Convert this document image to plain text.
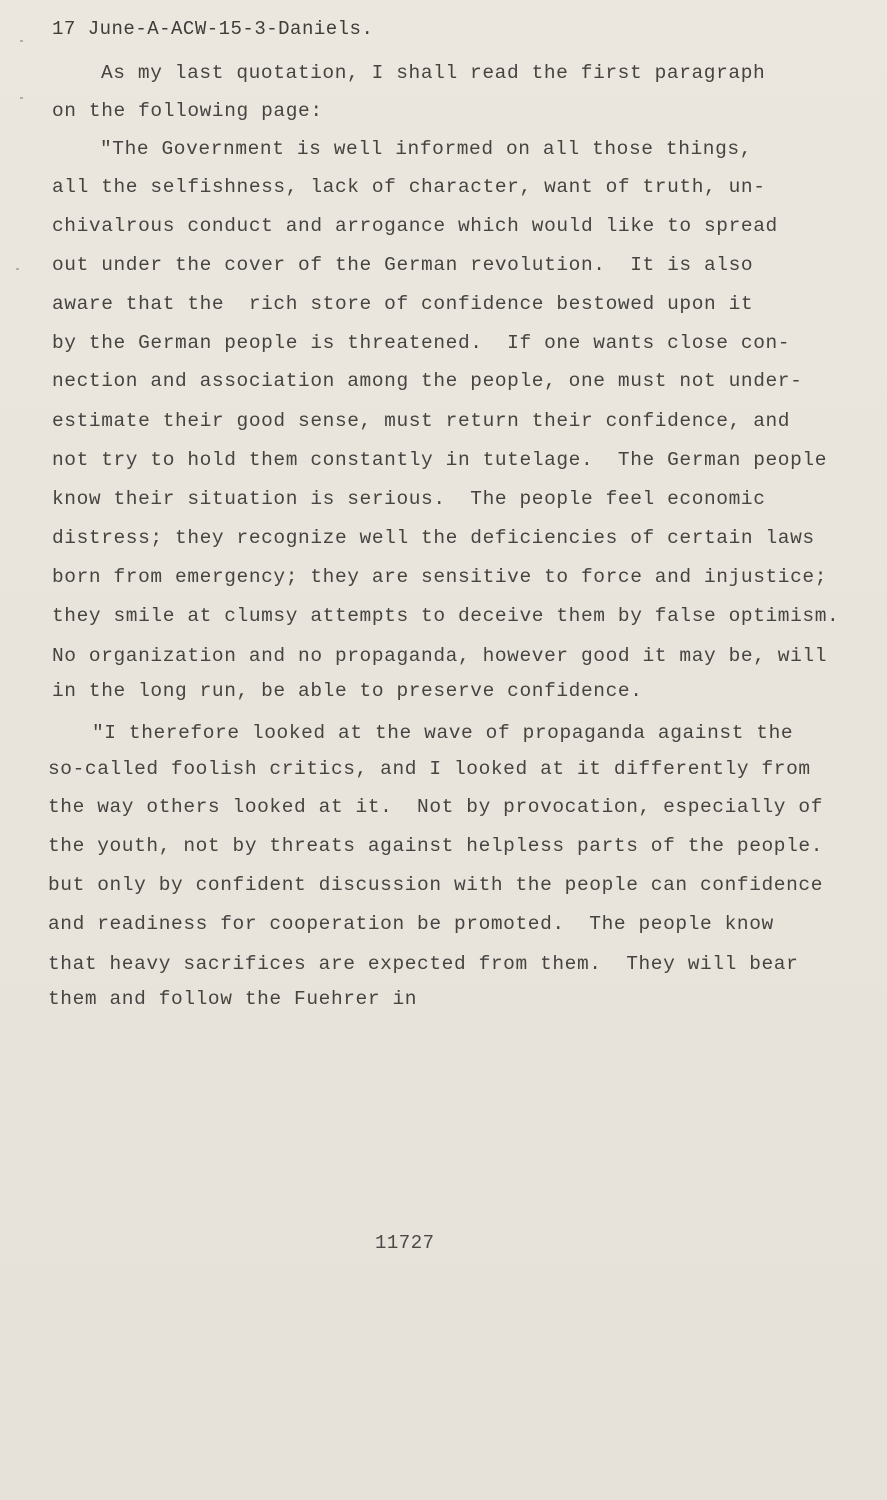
17 June-A-ACW-15-3-Daniels.
As my last quotation, I shall read the first paragraph
on the following page:
"The Government is well informed on all those things,
all the selfishness, lack of character, want of truth, un-
chivalrous conduct and arrogance which would like to spread
out under the cover of the German revolution.  It is also
aware that the  rich store of confidence bestowed upon it
by the German people is threatened.  If one wants close con-
nection and association among the people, one must not under-
estimate their good sense, must return their confidence, and
not try to hold them constantly in tutelage.  The German people
know their situation is serious.  The people feel economic
distress; they recognize well the deficiencies of certain laws
born from emergency; they are sensitive to force and injustice;
they smile at clumsy attempts to deceive them by false optimism.
No organization and no propaganda, however good it may be, will
in the long run, be able to preserve confidence.
"I therefore looked at the wave of propaganda against the
so-called foolish critics, and I looked at it differently from
the way others looked at it.  Not by provocation, especially of
the youth, not by threats against helpless parts of the people.
but only by confident discussion with the people can confidence
and readiness for cooperation be promoted.  The people know
that heavy sacrifices are expected from them.  They will bear
them and follow the Fuehrer in
11727
